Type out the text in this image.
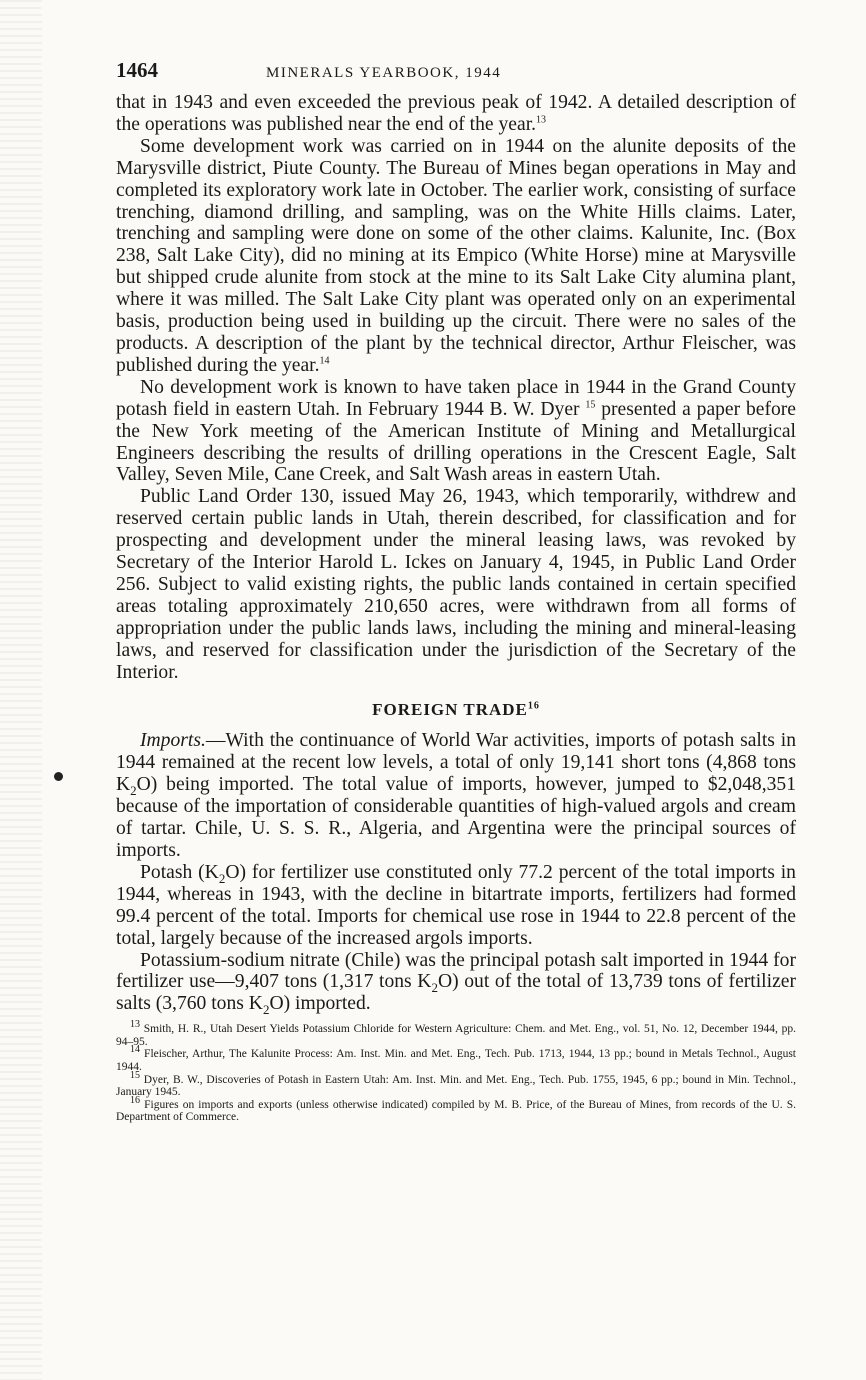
1464	MINERALS YEARBOOK, 1944

that in 1943 and even exceeded the previous peak of 1942. A detailed description of the operations was published near the end of the year.$^{13}$

Some development work was carried on in 1944 on the alunite deposits of the Marysville district, Piute County. The Bureau of Mines began operations in May and completed its exploratory work late in October. The earlier work, consisting of surface trenching, diamond drilling, and sampling, was on the White Hills claims. Later, trenching and sampling were done on some of the other claims. Kalunite, Inc. (Box 238, Salt Lake City), did no mining at its Empico (White Horse) mine at Marysville but shipped crude alunite from stock at the mine to its Salt Lake City alumina plant, where it was milled. The Salt Lake City plant was operated only on an experimental basis, production being used in building up the circuit. There were no sales of the products. A description of the plant by the technical director, Arthur Fleischer, was published during the year.$^{14}$

No development work is known to have taken place in 1944 in the Grand County potash field in eastern Utah. In February 1944 B. W. Dyer $^{15}$ presented a paper before the New York meeting of the American Institute of Mining and Metallurgical Engineers describing the results of drilling operations in the Crescent Eagle, Salt Valley, Seven Mile, Cane Creek, and Salt Wash areas in eastern Utah.

Public Land Order 130, issued May 26, 1943, which temporarily, withdrew and reserved certain public lands in Utah, therein described, for classification and for prospecting and development under the mineral leasing laws, was revoked by Secretary of the Interior Harold L. Ickes on January 4, 1945, in Public Land Order 256. Subject to valid existing rights, the public lands contained in certain specified areas totaling approximately 210,650 acres, were withdrawn from all forms of appropriation under the public lands laws, including the mining and mineral-leasing laws, and reserved for classification under the jurisdiction of the Secretary of the Interior.

FOREIGN TRADE$^{16}$

Imports.—With the continuance of World War activities, imports of potash salts in 1944 remained at the recent low levels, a total of only 19,141 short tons (4,868 tons $K_2O$) being imported. The total value of imports, however, jumped to $2,048,351 because of the importation of considerable quantities of high-valued argols and cream of tartar. Chile, U. S. S. R., Algeria, and Argentina were the principal sources of imports.

Potash $(K_2O)$ for fertilizer use constituted only 77.2 percent of the total imports in 1944, whereas in 1943, with the decline in bitartrate imports, fertilizers had formed 99.4 percent of the total. Imports for chemical use rose in 1944 to 22.8 percent of the total, largely because of the increased argols imports.

Potassium-sodium nitrate (Chile) was the principal potash salt imported in 1944 for fertilizer use—9,407 tons (1,317 tons $K_2O$) out of the total of 13,739 tons of fertilizer salts (3,760 tons $K_2O$) imported.

$^{13}$ Smith, H. R., Utah Desert Yields Potassium Chloride for Western Agriculture: Chem. and Met. Eng., vol. 51, No. 12, December 1944, pp. 94–95.

$^{14}$ Fleischer, Arthur, The Kalunite Process: Am. Inst. Min. and Met. Eng., Tech. Pub. 1713, 1944, 13 pp.; bound in Metals Technol., August 1944.

$^{15}$ Dyer, B. W., Discoveries of Potash in Eastern Utah: Am. Inst. Min. and Met. Eng., Tech. Pub. 1755, 1945, 6 pp.; bound in Min. Technol., January 1945.

$^{16}$ Figures on imports and exports (unless otherwise indicated) compiled by M. B. Price, of the Bureau of Mines, from records of the U. S. Department of Commerce.
